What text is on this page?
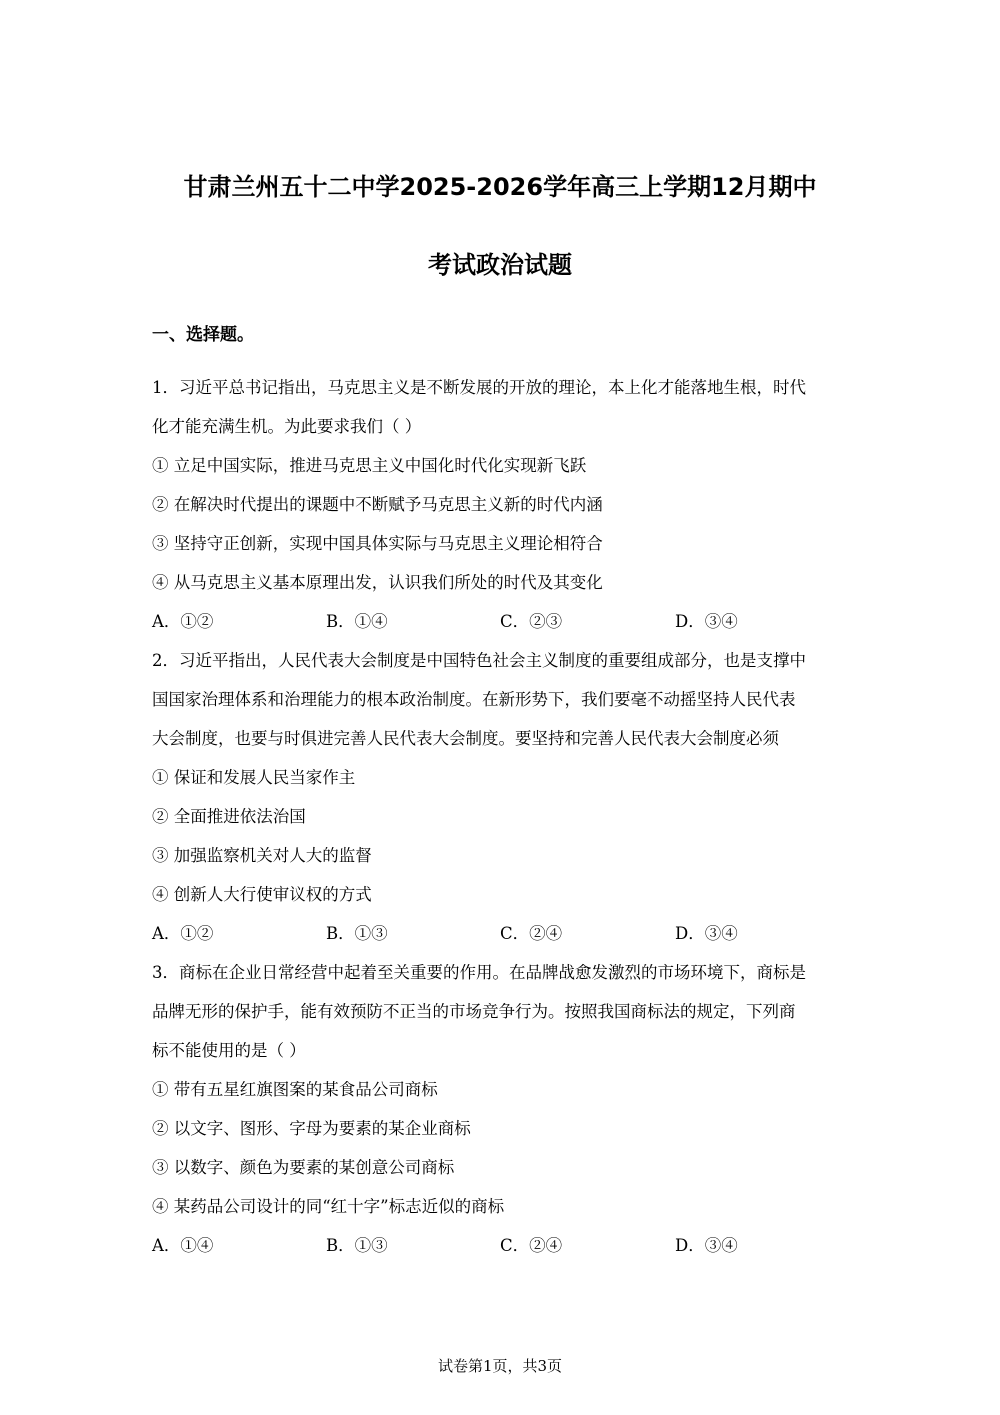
甘肃兰州五十二中学2025-2026学年高三上学期12月期中
考试政治试题
一、选择题。

1．习近平总书记指出，马克思主义是不断发展的开放的理论，本上化才能落地生根，时代

化才能充满生机。为此要求我们（ ）

① 立足中国实际，推进马克思主义中国化时代化实现新飞跃

② 在解决时代提出的课题中不断赋予马克思主义新的时代内涵

③ 坚持守正创新，实现中国具体实际与马克思主义理论相符合

④ 从马克思主义基本原理出发，认识我们所处的时代及其变化

A．①②	B．①④	C．②③	D．③④

2．习近平指出，人民代表大会制度是中国特色社会主义制度的重要组成部分，也是支撑中

国国家治理体系和治理能力的根本政治制度。在新形势下，我们要毫不动摇坚持人民代表

大会制度，也要与时俱进完善人民代表大会制度。要坚持和完善人民代表大会制度必须

① 保证和发展人民当家作主

② 全面推进依法治国

③ 加强监察机关对人大的监督

④ 创新人大行使审议权的方式

A．①②	B．①③	C．②④	D．③④

3．商标在企业日常经营中起着至关重要的作用。在品牌战愈发激烈的市场环境下，商标是

品牌无形的保护手，能有效预防不正当的市场竞争行为。按照我国商标法的规定，下列商

标不能使用的是（ ）

① 带有五星红旗图案的某食品公司商标

② 以文字、图形、字母为要素的某企业商标

③ 以数字、颜色为要素的某创意公司商标

④ 某药品公司设计的同“红十字”标志近似的商标

A．①④	B．①③	C．②④	D．③④

试卷第1页，共3页
